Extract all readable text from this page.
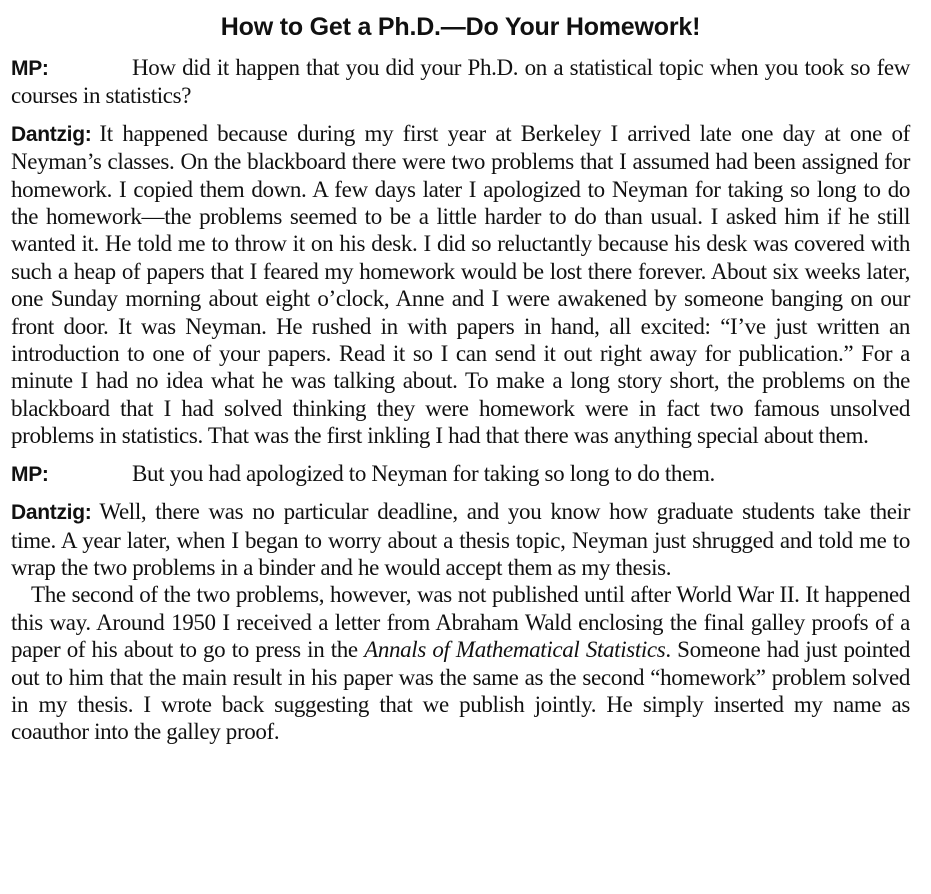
How to Get a Ph.D.—Do Your Homework!

MP:	How did it happen that you did your Ph.D. on a statistical topic when you took so few courses in statistics?

Dantzig: It happened because during my first year at Berkeley I arrived late one day at one of Neyman’s classes. On the blackboard there were two problems that I assumed had been assigned for homework. I copied them down. A few days later I apologized to Neyman for taking so long to do the homework—the problems seemed to be a little harder to do than usual. I asked him if he still wanted it. He told me to throw it on his desk. I did so reluctantly because his desk was covered with such a heap of papers that I feared my homework would be lost there forever. About six weeks later, one Sunday morning about eight o’clock, Anne and I were awakened by someone banging on our front door. It was Neyman. He rushed in with papers in hand, all excited: “I’ve just written an introduction to one of your papers. Read it so I can send it out right away for publication.” For a minute I had no idea what he was talking about. To make a long story short, the problems on the blackboard that I had solved thinking they were homework were in fact two famous unsolved problems in statistics. That was the first inkling I had that there was anything special about them.

MP:	But you had apologized to Neyman for taking so long to do them.

Dantzig: Well, there was no particular deadline, and you know how graduate students take their time. A year later, when I began to worry about a thesis topic, Neyman just shrugged and told me to wrap the two problems in a binder and he would accept them as my thesis.

The second of the two problems, however, was not published until after World War II. It happened this way. Around 1950 I received a letter from Abraham Wald enclosing the final galley proofs of a paper of his about to go to press in the Annals of Mathematical Statistics. Someone had just pointed out to him that the main result in his paper was the same as the second “homework” problem solved in my thesis. I wrote back suggesting that we publish jointly. He simply inserted my name as coauthor into the galley proof.
